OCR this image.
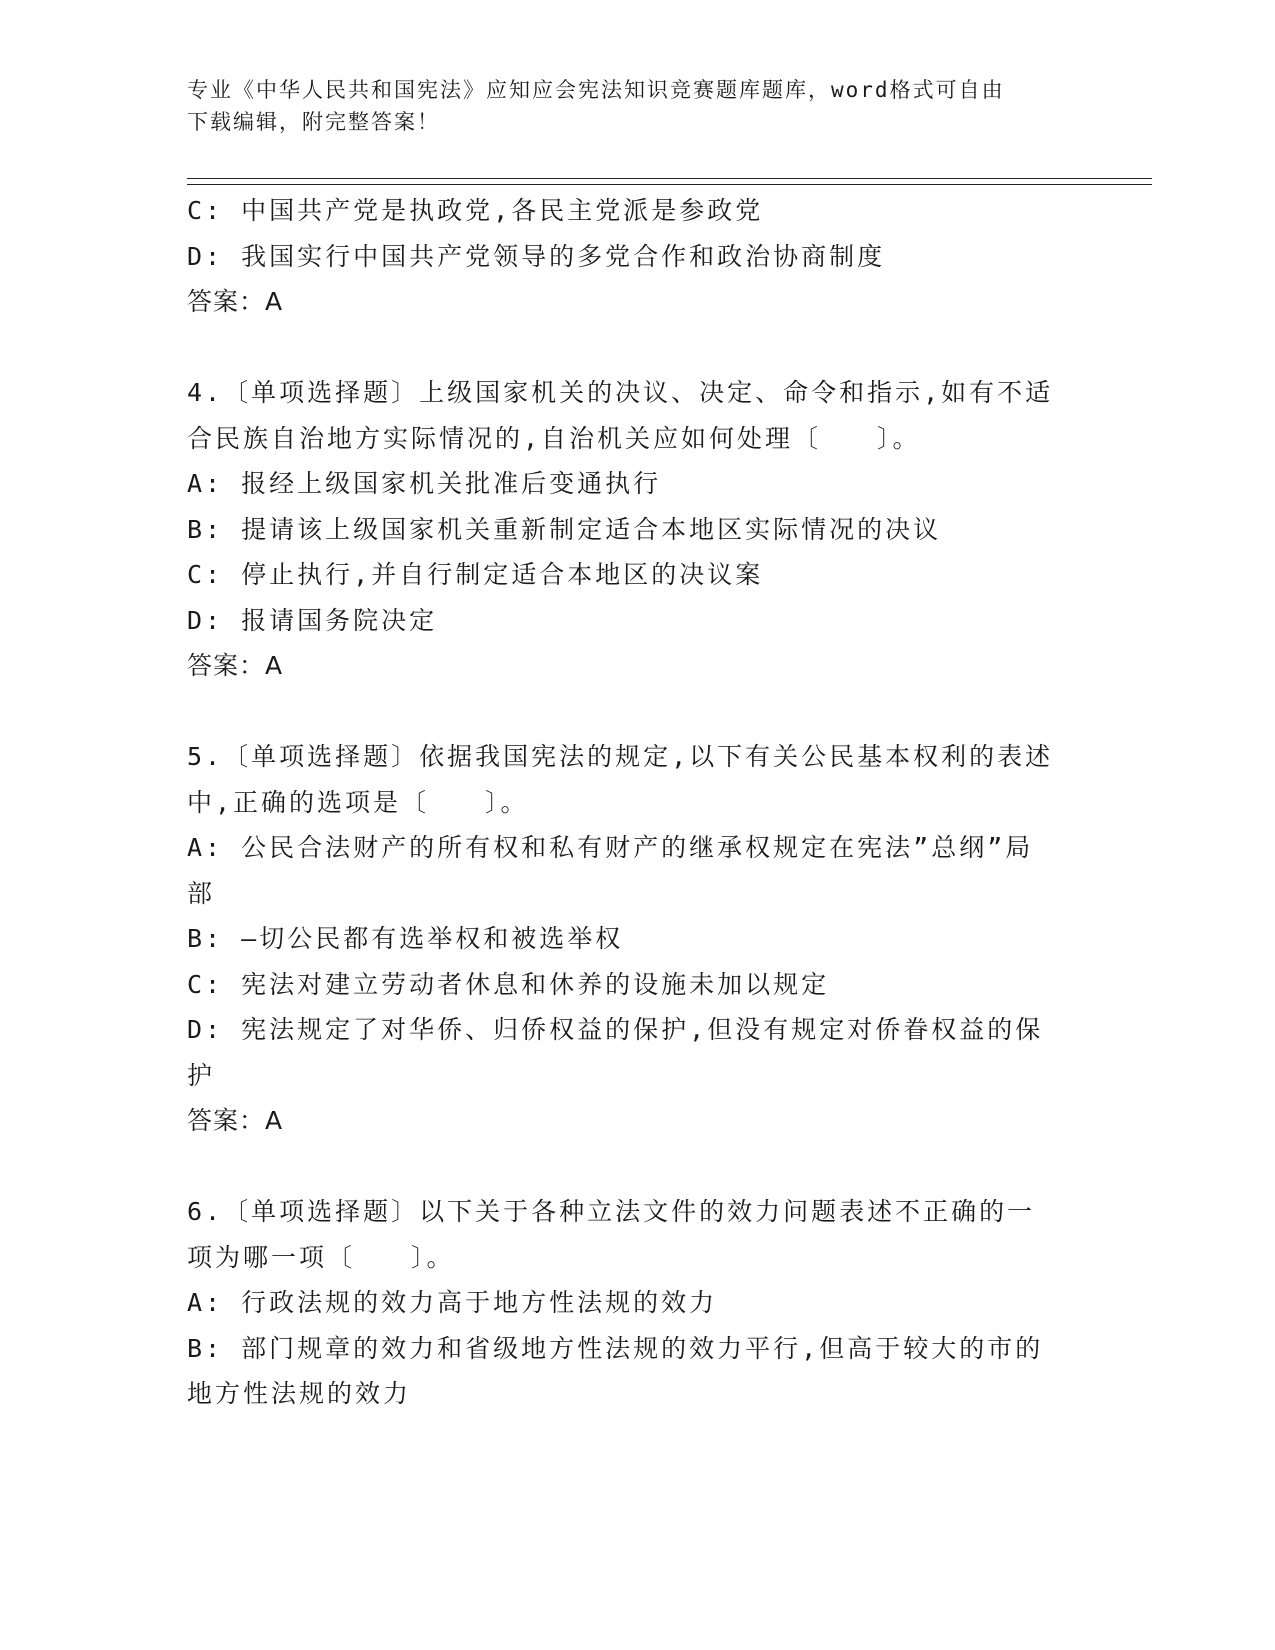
专业《中华人民共和国宪法》应知应会宪法知识竞赛题库题库，word格式可自由
下载编辑，附完整答案！

C: 中国共产党是执政党,各民主党派是参政党

D: 我国实行中国共产党领导的多党合作和政治协商制度

答案：A

4.〔单项选择题〕上级国家机关的决议、决定、命令和指示,如有不适

合民族自治地方实际情况的,自治机关应如何处理〔　　〕。

A: 报经上级国家机关批准后变通执行

B: 提请该上级国家机关重新制定适合本地区实际情况的决议

C: 停止执行,并自行制定适合本地区的决议案

D: 报请国务院决定

答案：A

5.〔单项选择题〕依据我国宪法的规定,以下有关公民基本权利的表述

中,正确的选项是〔　　〕。

A: 公民合法财产的所有权和私有财产的继承权规定在宪法”总纲”局

部

B: —切公民都有选举权和被选举权

C: 宪法对建立劳动者休息和休养的设施未加以规定

D: 宪法规定了对华侨、归侨权益的保护,但没有规定对侨眷权益的保

护

答案：A

6.〔单项选择题〕以下关于各种立法文件的效力问题表述不正确的一

项为哪一项〔　　〕。

A: 行政法规的效力高于地方性法规的效力

B: 部门规章的效力和省级地方性法规的效力平行,但高于较大的市的

地方性法规的效力
